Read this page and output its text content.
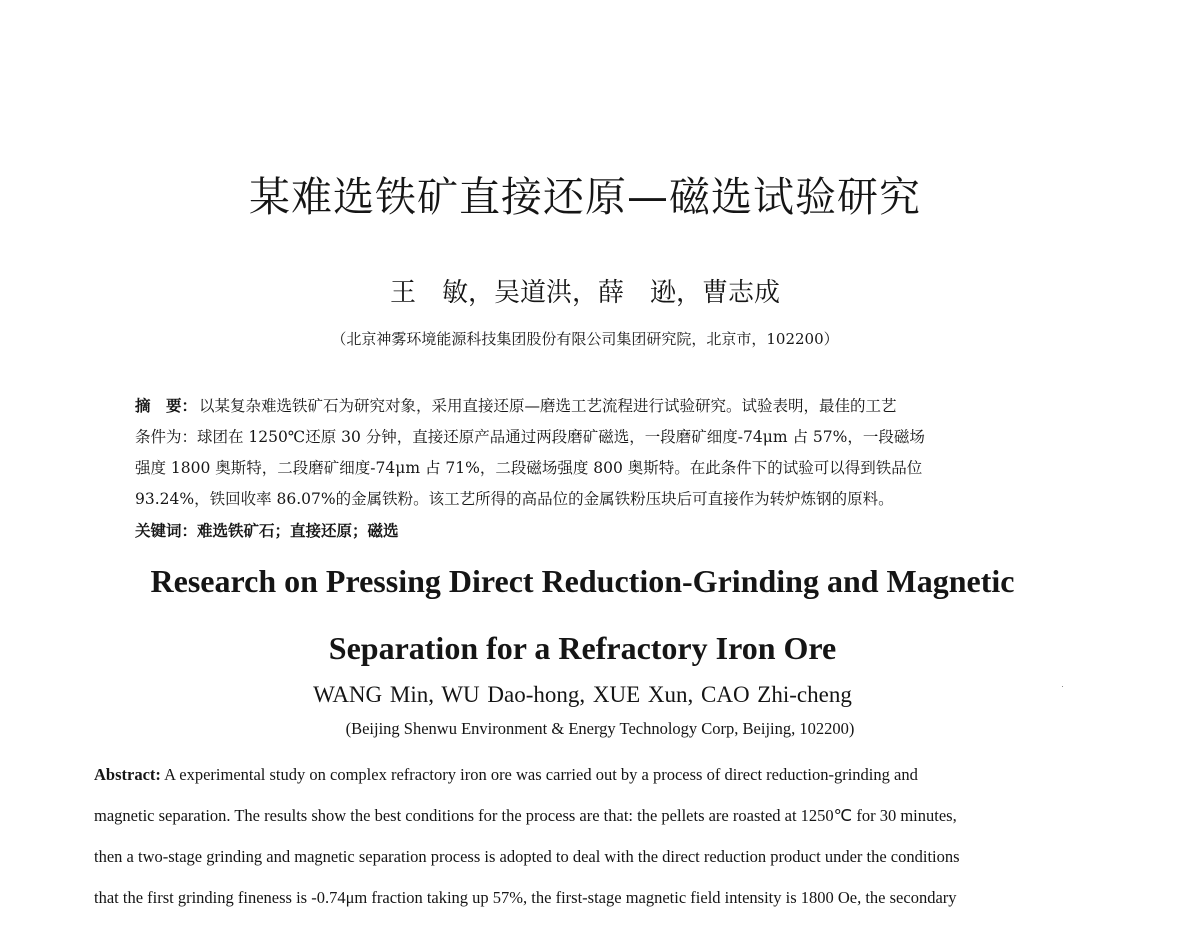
某难选铁矿直接还原—磁选试验研究
王　敏，吴道洪，薛　逊，曹志成
（北京神雾环境能源科技集团股份有限公司集团研究院，北京市，102200）
摘　要： 以某复杂难选铁矿石为研究对象，采用直接还原—磨选工艺流程进行试验研究。试验表明，最佳的工艺
条件为：球团在 1250℃还原 30 分钟，直接还原产品通过两段磨矿磁选，一段磨矿细度-74μm 占 57%，一段磁场
强度 1800 奥斯特，二段磨矿细度-74μm 占 71%，二段磁场强度 800 奥斯特。在此条件下的试验可以得到铁品位
93.24%，铁回收率 86.07%的金属铁粉。该工艺所得的高品位的金属铁粉压块后可直接作为转炉炼钢的原料。
关键词：难选铁矿石；直接还原；磁选
Research on Pressing Direct Reduction-Grinding and Magnetic
Separation for a Refractory Iron Ore
WANG Min, WU Dao-hong, XUE Xun, CAO Zhi-cheng
(Beijing Shenwu Environment & Energy Technology Corp, Beijing, 102200)
Abstract: A experimental study on complex refractory iron ore was carried out by a process of direct reduction-grinding and
magnetic separation. The results show the best conditions for the process are that: the pellets are roasted at 1250℃ for 30 minutes,
then a two-stage grinding and magnetic separation process is adopted to deal with the direct reduction product under the conditions
that the first grinding fineness is -0.74μm fraction taking up 57%, the first-stage magnetic field intensity is 1800 Oe, the secondary
